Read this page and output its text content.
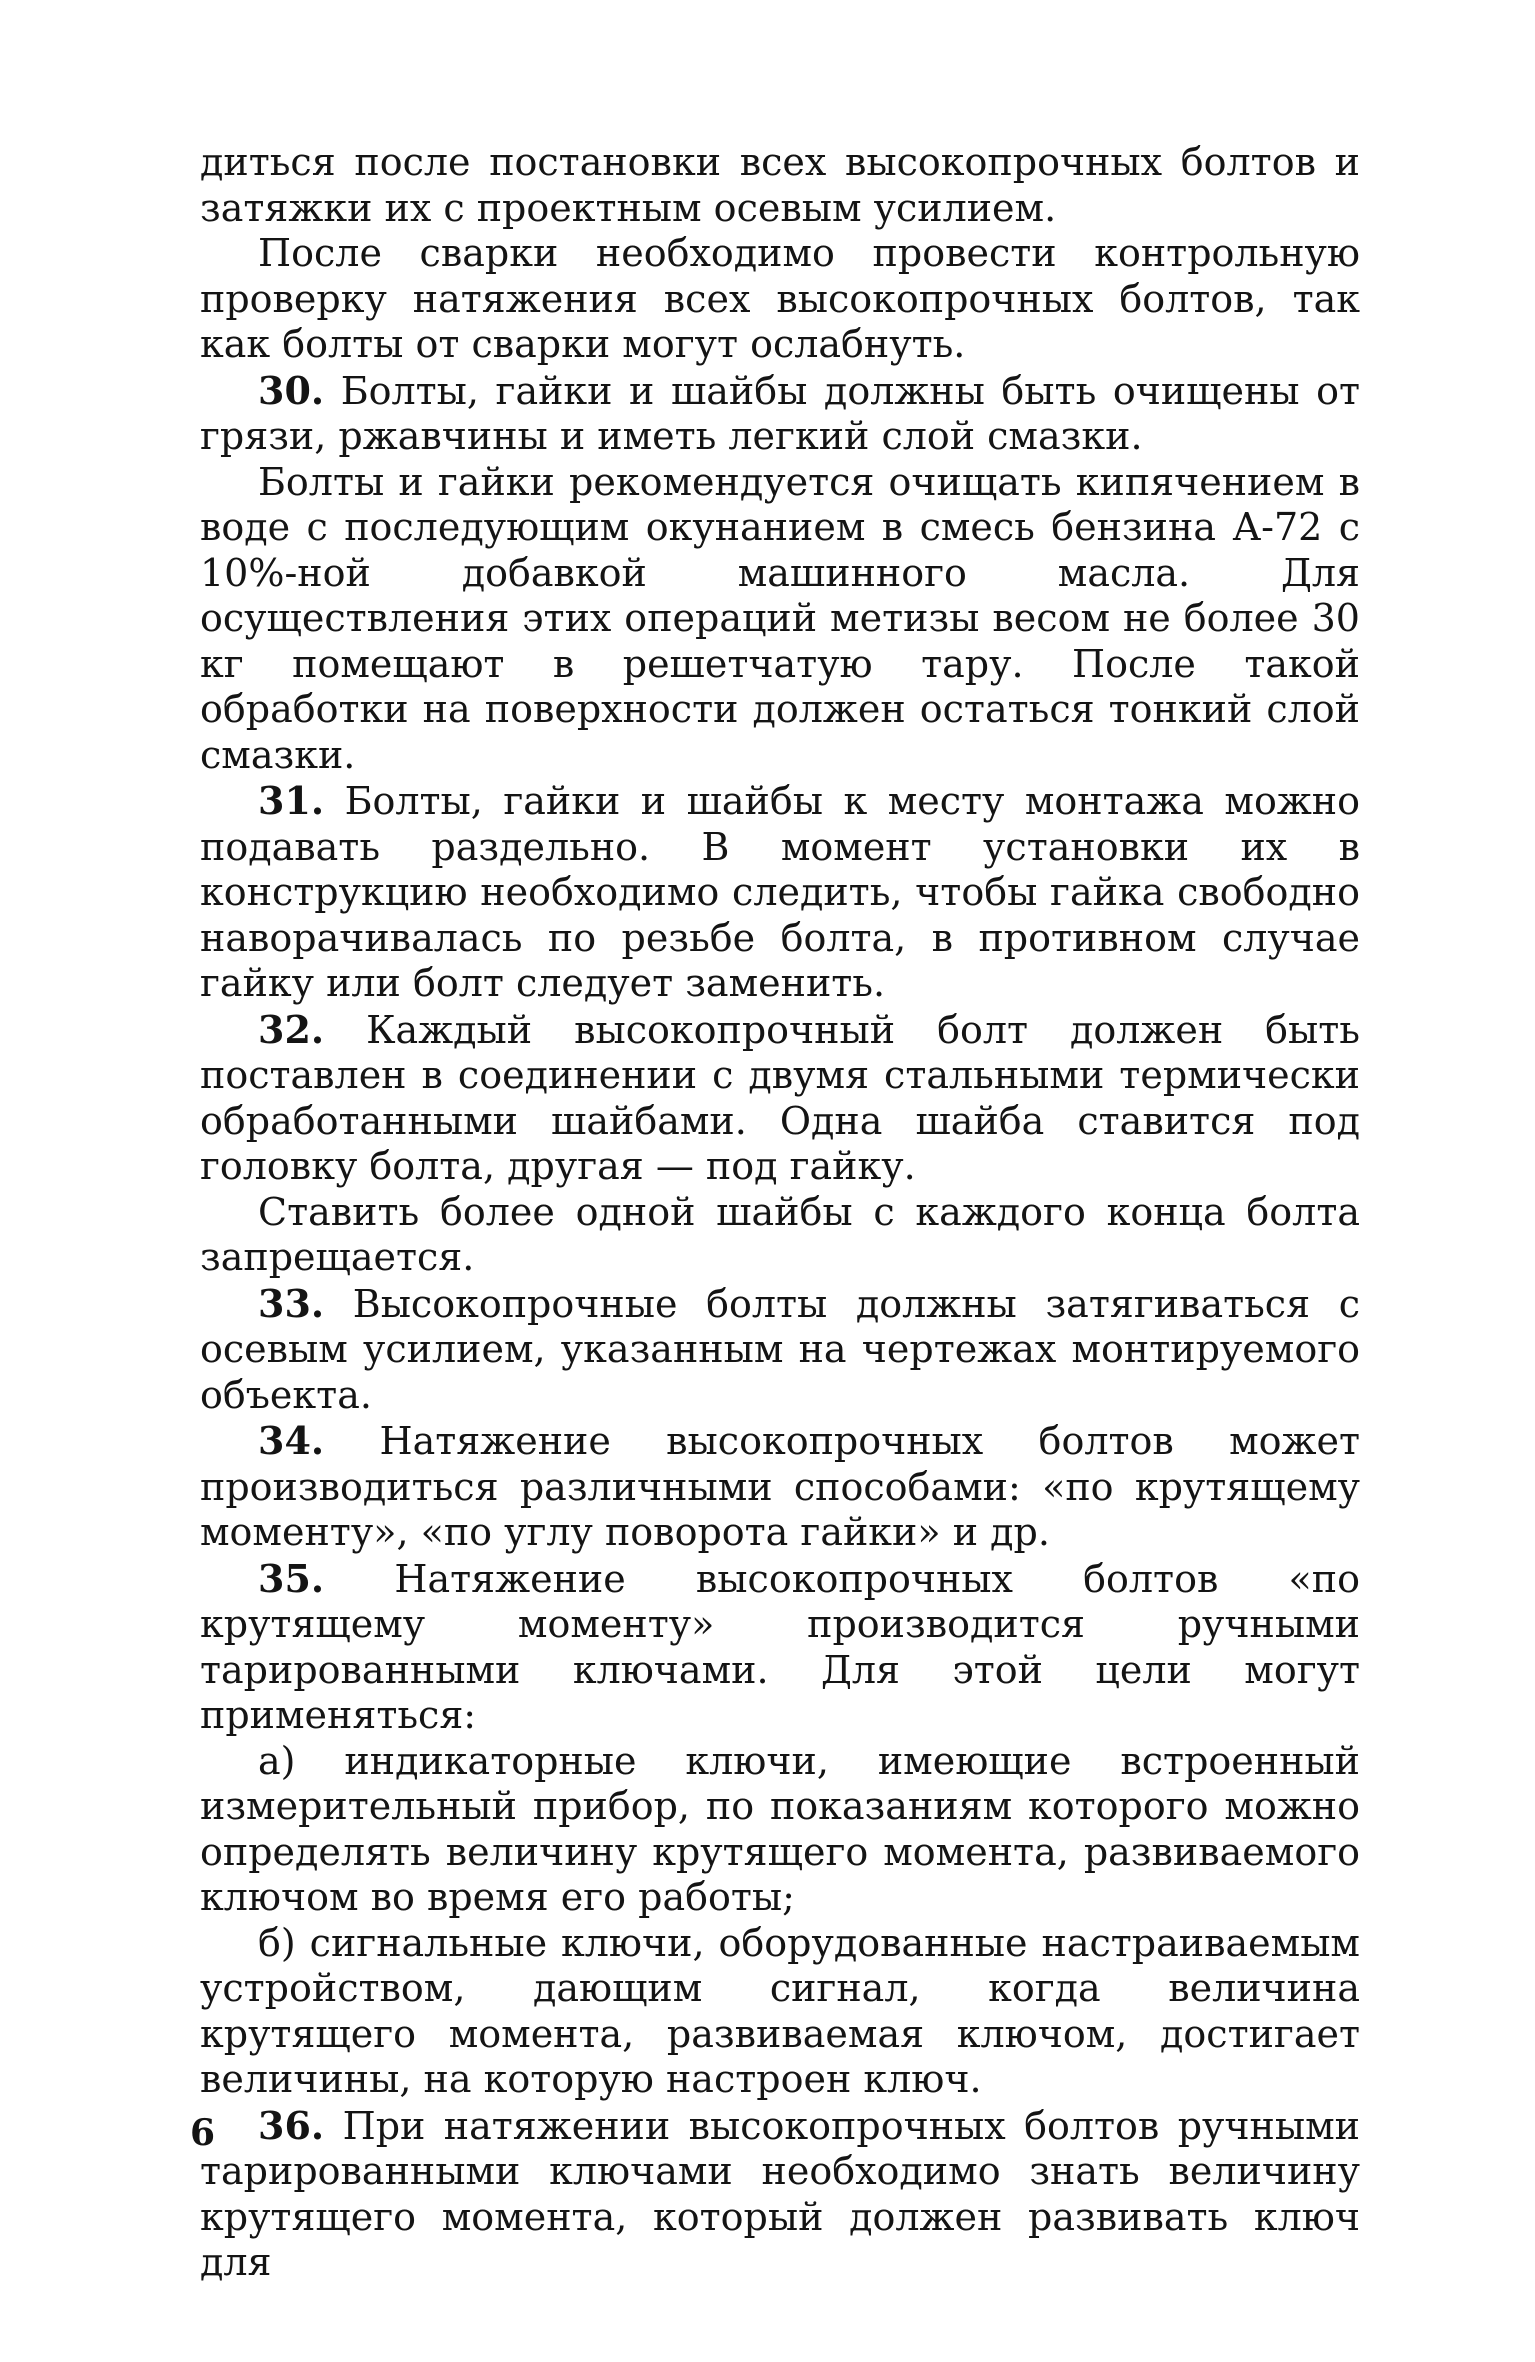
диться после постановки всех высокопрочных болтов и затяжки их с проектным осевым усилием.

После сварки необходимо провести контрольную проверку натяжения всех высокопрочных болтов, так как болты от сварки могут ослабнуть.

30. Болты, гайки и шайбы должны быть очищены от грязи, ржавчины и иметь легкий слой смазки.

Болты и гайки рекомендуется очищать кипячением в воде с последующим окунанием в смесь бензина А-72 с 10%-ной добавкой машинного масла. Для осуществления этих операций метизы весом не более 30 кг помещают в решетчатую тару. После такой обработки на поверхности должен остаться тонкий слой смазки.

31. Болты, гайки и шайбы к месту монтажа можно подавать раздельно. В момент установки их в конструкцию необходимо следить, чтобы гайка свободно наворачивалась по резьбе болта, в противном случае гайку или болт следует заменить.

32. Каждый высокопрочный болт должен быть поставлен в соединении с двумя стальными термически обработанными шайбами. Одна шайба ставится под головку болта, другая — под гайку.

Ставить более одной шайбы с каждого конца болта запрещается.

33. Высокопрочные болты должны затягиваться с осевым усилием, указанным на чертежах монтируемого объекта.

34. Натяжение высокопрочных болтов может производиться различными способами: «по крутящему моменту», «по углу поворота гайки» и др.

35. Натяжение высокопрочных болтов «по крутящему моменту» производится ручными тарированными ключами. Для этой цели могут применяться:

а) индикаторные ключи, имеющие встроенный измерительный прибор, по показаниям которого можно определять величину крутящего момента, развиваемого ключом во время его работы;

б) сигнальные ключи, оборудованные настраиваемым устройством, дающим сигнал, когда величина крутящего момента, развиваемая ключом, достигает величины, на которую настроен ключ.

36. При натяжении высокопрочных болтов ручными тарированными ключами необходимо знать величину крутящего момента, который должен развивать ключ для

6
